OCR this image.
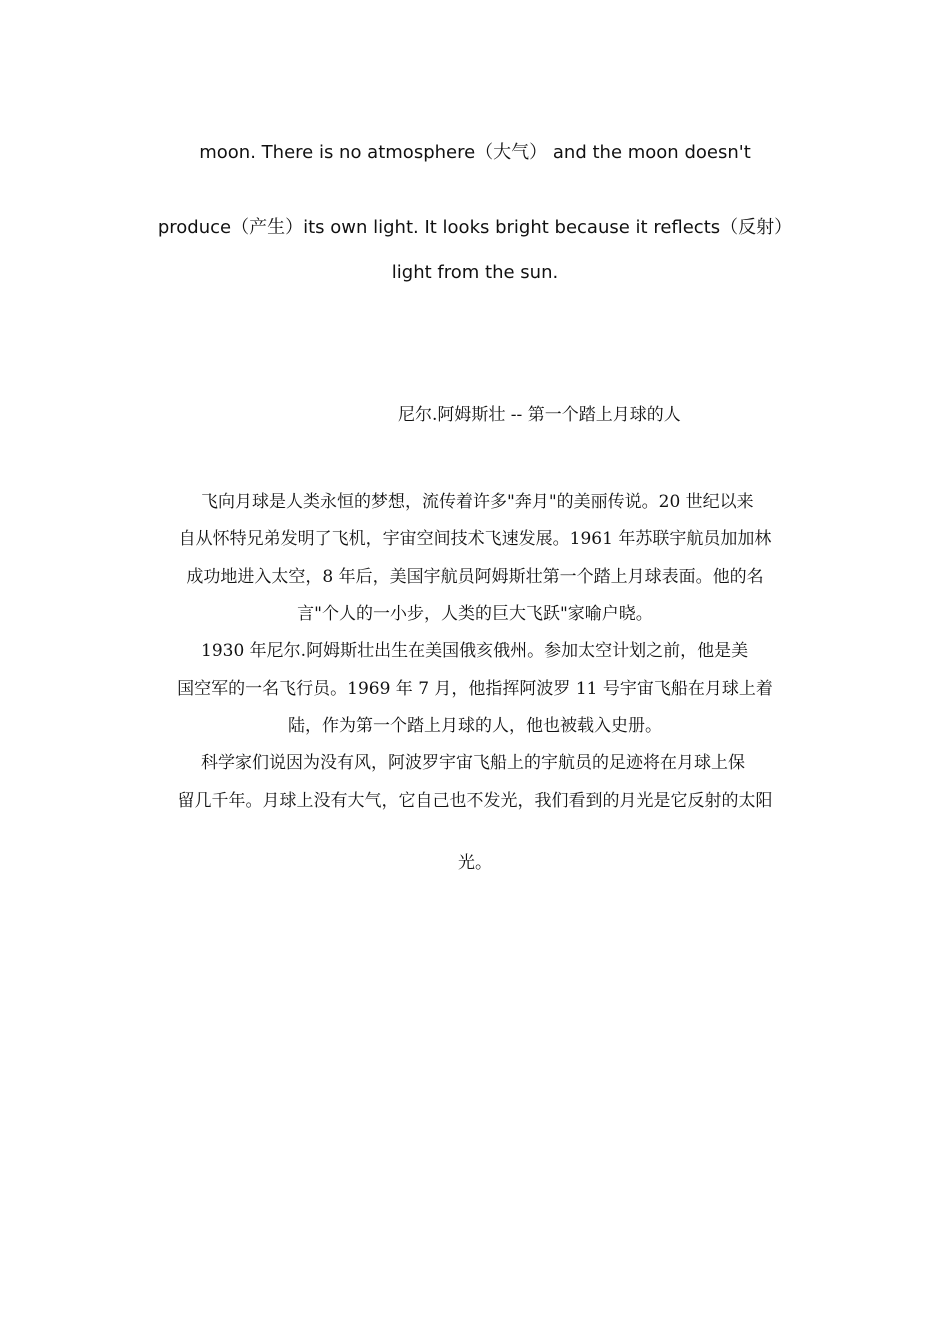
moon. There is no atmosphere（大气） and the moon doesn't
produce（产生）its own light. It looks bright because it reflects（反射）
light from the sun.
尼尔.阿姆斯壮 -- 第一个踏上月球的人
飞向月球是人类永恒的梦想，流传着许多"奔月"的美丽传说。20 世纪以来
自从怀特兄弟发明了飞机，宇宙空间技术飞速发展。1961 年苏联宇航员加加林
成功地进入太空，8 年后，美国宇航员阿姆斯壮第一个踏上月球表面。他的名
言"个人的一小步，人类的巨大飞跃"家喻户晓。
1930 年尼尔.阿姆斯壮出生在美国俄亥俄州。参加太空计划之前，他是美
国空军的一名飞行员。1969 年 7 月，他指挥阿波罗 11 号宇宙飞船在月球上着
陆，作为第一个踏上月球的人，他也被载入史册。
科学家们说因为没有风，阿波罗宇宙飞船上的宇航员的足迹将在月球上保
留几千年。月球上没有大气，它自己也不发光，我们看到的月光是它反射的太阳
光。
